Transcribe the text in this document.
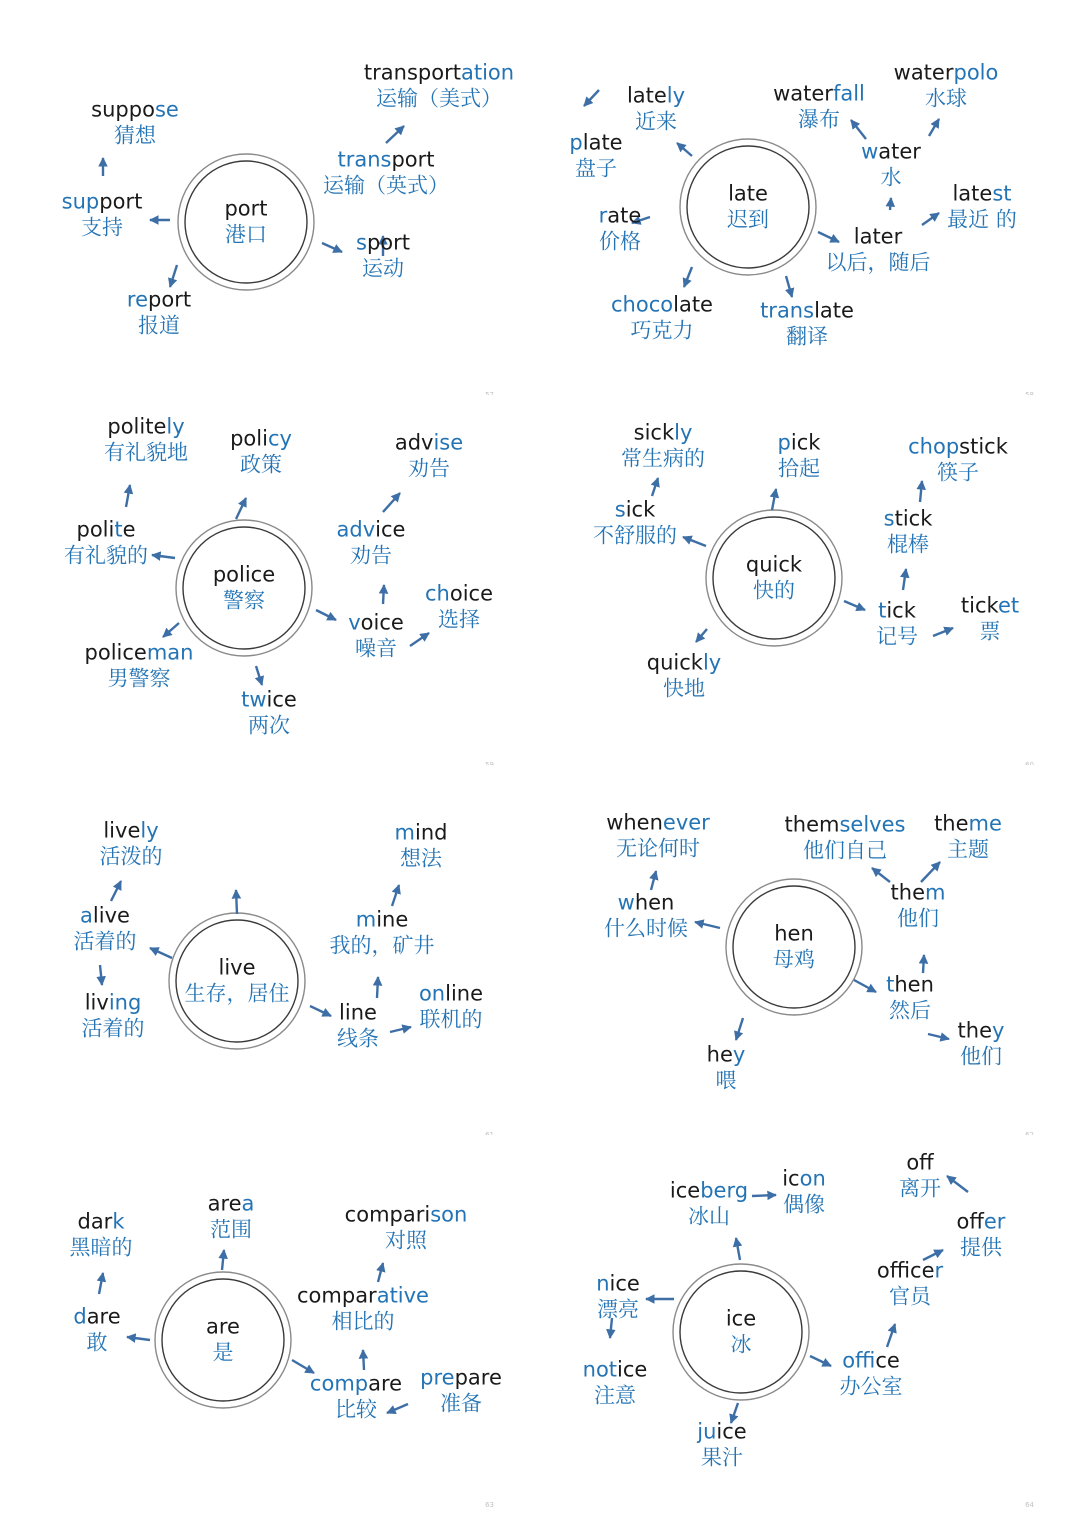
port
港口
transport
运输（英式）
transportation
运输（美式）
sport
运动
support
支持
suppose
猜想
report
报道
late
迟到
lately
近来
plate
盘子
rate
价格
chocolate
巧克力
translate
翻译
later
以后，随后
latest
最近 的
water
水
waterfall
瀑布
waterpolo
水球
police
警察
politely
有礼貌地
policy
政策
advise
劝告
polite
有礼貌的
advice
劝告
voice
噪音
choice
选择
policeman
男警察
twice
两次
quick
快的
sickly
常生病的
sick
不舒服的
pick
拾起
chopstick
筷子
stick
棍棒
tick
记号
ticket
票
quickly
快地
live
生存，居住
lively
活泼的
alive
活着的
living
活着的
mind
想法
mine
我的，矿井
line
线条
online
联机的
hen
母鸡
whenever
无论何时
when
什么时候
themselves
他们自己
theme
主题
them
他们
then
然后
they
他们
hey
喂
are
是
dark
黑暗的
area
范围
comparison
对照
dare
敢
comparative
相比的
compare
比较
prepare
准备
63
ice
冰
iceberg
冰山
icon
偶像
nice
漂亮
notice
注意
juice
果汁
office
办公室
officer
官员
offer
提供
off
离开
64
